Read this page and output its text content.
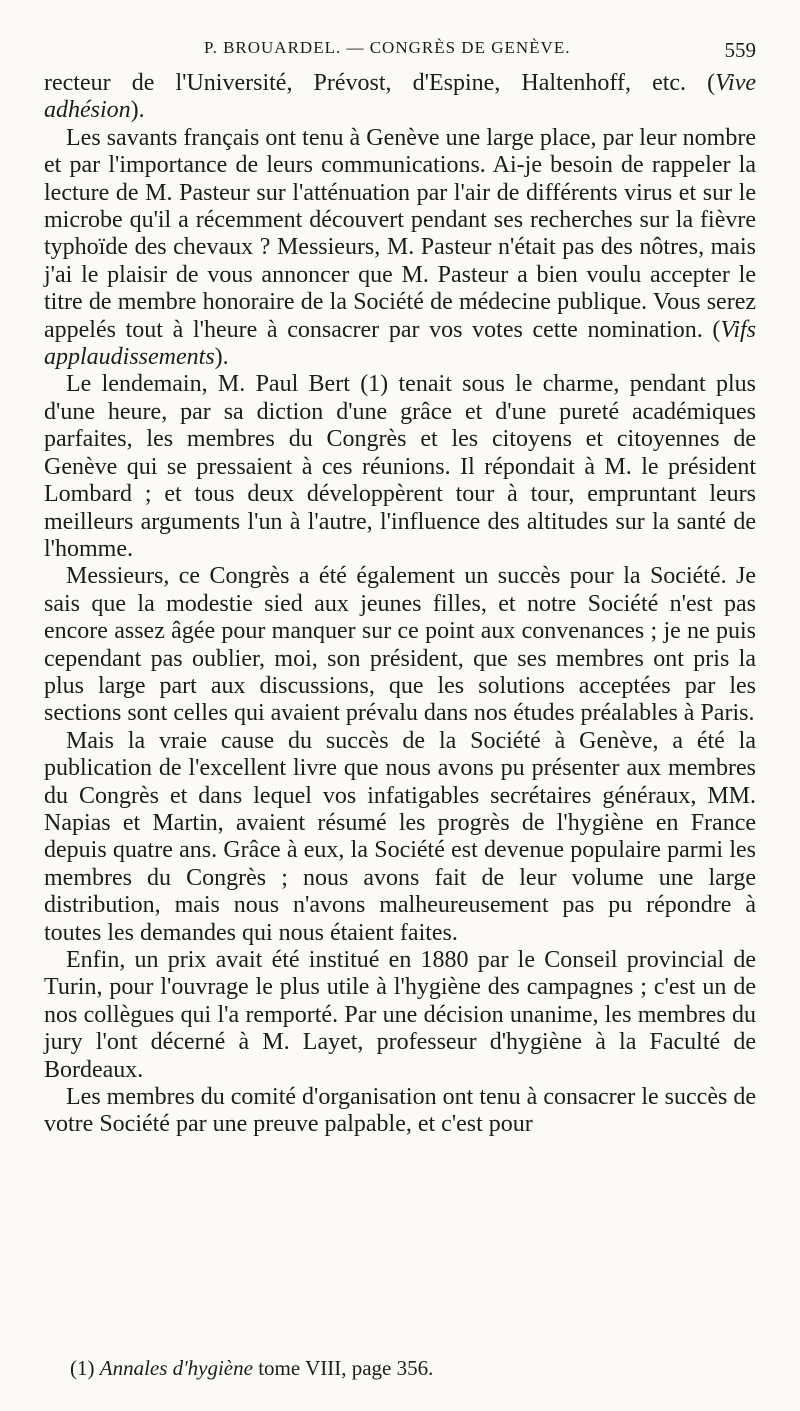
P. BROUARDEL. — CONGRÈS DE GENÈVE.	559

recteur de l'Université, Prévost, d'Espine, Haltenhoff, etc. (Vive adhésion).

Les savants français ont tenu à Genève une large place, par leur nombre et par l'importance de leurs communications. Ai-je besoin de rappeler la lecture de M. Pasteur sur l'atténuation par l'air de différents virus et sur le microbe qu'il a récemment découvert pendant ses recherches sur la fièvre typhoïde des chevaux ? Messieurs, M. Pasteur n'était pas des nôtres, mais j'ai le plaisir de vous annoncer que M. Pasteur a bien voulu accepter le titre de membre honoraire de la Société de médecine publique. Vous serez appelés tout à l'heure à consacrer par vos votes cette nomination. (Vifs applaudissements).

Le lendemain, M. Paul Bert (1) tenait sous le charme, pendant plus d'une heure, par sa diction d'une grâce et d'une pureté académiques parfaites, les membres du Congrès et les citoyens et citoyennes de Genève qui se pressaient à ces réunions. Il répondait à M. le président Lombard ; et tous deux développèrent tour à tour, empruntant leurs meilleurs arguments l'un à l'autre, l'influence des altitudes sur la santé de l'homme.

Messieurs, ce Congrès a été également un succès pour la Société. Je sais que la modestie sied aux jeunes filles, et notre Société n'est pas encore assez âgée pour manquer sur ce point aux convenances ; je ne puis cependant pas oublier, moi, son président, que ses membres ont pris la plus large part aux discussions, que les solutions acceptées par les sections sont celles qui avaient prévalu dans nos études préalables à Paris.

Mais la vraie cause du succès de la Société à Genève, a été la publication de l'excellent livre que nous avons pu présenter aux membres du Congrès et dans lequel vos infatigables secrétaires généraux, MM. Napias et Martin, avaient résumé les progrès de l'hygiène en France depuis quatre ans. Grâce à eux, la Société est devenue populaire parmi les membres du Congrès ; nous avons fait de leur volume une large distribution, mais nous n'avons malheureusement pas pu répondre à toutes les demandes qui nous étaient faites.

Enfin, un prix avait été institué en 1880 par le Conseil provincial de Turin, pour l'ouvrage le plus utile à l'hygiène des campagnes ; c'est un de nos collègues qui l'a remporté. Par une décision unanime, les membres du jury l'ont décerné à M. Layet, professeur d'hygiène à la Faculté de Bordeaux.

Les membres du comité d'organisation ont tenu à consacrer le succès de votre Société par une preuve palpable, et c'est pour

(1) Annales d'hygiène tome VIII, page 356.
